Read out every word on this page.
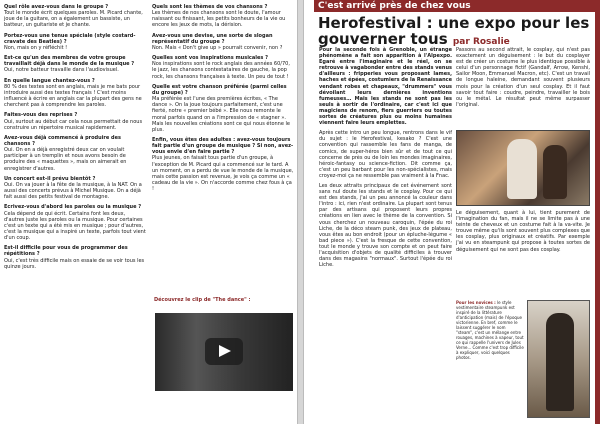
Quel rôle avez-vous dans le groupe ?
Tout le monde écrit quelques paroles. M. Picard chante, joue de la guitare, on a également un bassiste, un batteur, un guitariste et je chante.
Portez-vous une tenue spéciale (style costard-cravate des Beatles) ?
Non, mais on y réfléchit !
Est-ce qu'un des membres de votre groupe travaillait déjà dans le monde de la musique ?
Oui, notre batteur travaille dans l'audiovisuel.
En quelle langue chantez-vous ?
80 % des textes sont en anglais, mais je me bats pour introduire aussi des textes français ! C'est moins influencé à écrire en anglais car la plupart des gens ne cherchent pas à comprendre les paroles.
Faites-vous des reprises ?
Oui, surtout au début car cela nous permettait de nous construire un répertoire musical rapidement.
Avez-vous déjà commencé à produire des chansons ?
Oui. On en a déjà enregistré deux car on voulait participer à un tremplin et nous avons besoin de produire des « maquettes », mais on aimerait en enregistrer d'autres.
Un concert est-il prévu bientôt ?
Oui. On va jouer à la fête de la musique, à la NAT. On a aussi des concerts prévus à Michel Musique. On a déjà fait aussi des petits festival de montagne.
Ecrivez-vous d'abord les paroles ou la musique ?
Cela dépend de qui écrit. Certains font les deux, d'autres juste les paroles ou la musique. Pour certaines c'est un texte qui a été mis en musique ; pour d'autres, c'est la musique qui a inspiré un texte, parfois tout vient d'un coup.
Est-il difficile pour vous de programmer des répétitions ?
Oui, c'est très difficile mais on essaie de se voir tous les quinze jours.
Quels sont les thèmes de vos chansons ?
Les thèmes de nos chansons sont le doute, l'amour naissant ou finissant, les petits bonheurs de la vie ou encore les jeux de mots, la dérision.
Avez-vous une devise, une sorte de slogan représentatif du groupe ?
Non. Mais « Don't give up » pourrait convenir, non ?
Quelles sont vos inspirations musicales ?
Nos inspirations sont le rock anglais des années 60/70, le jazz, les chansons contestataires de gauche, la pop rock, les chansons françaises à texte. Un peu de tout !
Quelle est votre chanson préférée (parmi celles du groupe) ?
Ma préférée est l'une des premières écrites, « The dance ». On la joue toujours parfaitement, c'est une fierté, notre « premier bébé ». Elle nous remonte le moral parfois quand on a l'impression de « stagner ». Mais les nouvelles créations sont ce qui nous étonne le plus.
Enfin, vous êtes des adultes : avez-vous toujours fait partie d'un groupe de musique ? Si non, avez-vous envie d'en faire partie ?
Plus jeunes, on faisait tous partie d'un groupe, à l'exception de M. Picard qui a commencé sur le tard. A un moment, on a perdu de vue le monde de la musique, mais cette passion est revenue, je vois ça comme un « cadeau de la vie ». On n'accorde comme chez fous à ça !
Découvrez le clip de "The dance" :
C'est arrivé près de chez vous
Herofestival : une expo pour les gouverner tous par Rosalie

Pour la seconde fois à Grenoble, un étrange phénomène a fait son apparition à l'Alpexpo. Egaré entre l'imaginaire et le réel, on se retrouve à vagabonder entre des stands venus d'ailleurs : fripperies vous proposant lames, haches et épées, costumiers de la Renaissance vendant robes et chapeaux, "drummers" vous dévoilant leurs dernières inventions fumeuses… Mais les stands ne sont pas les seuls à sortir de l'ordinaire, car c'est ici que magiciens de renom, fiers guerriers ou toutes sortes de créatures plus ou moins humaines viennent faire leurs emplettes.

Après cette intro un peu longue, rentrons dans le vif du sujet : le Herofestival, kesako ? C'est une convention qui rassemble les fans de manga, de comics, de super-héros bien sûr et de tout ce qui concerne de près ou de loin les mondes imaginaires, héroic-fantasy ou science-fiction. Dit comme ça, c'est un peu barbant pour les non-spécialistes, mais croyez-moi ça ne ressemble pas vraiment à la Fnac.

Les deux attraits principaux de cet événement sont sans nul doute les stands et le cosplay. Pour ce qui est des stands, j'ai un peu annoncé la couleur dans l'intro : ici, rien n'est ordinaire. La plupart sont tenus par des artisans qui proposent leurs propres créations en lien avec le thème de la convention. Si vous cherchez un nouveau caroquin, l'épée du roi Liche, de la déco steam punk, des jeux de plateau, vous êtes au bon endroit (pour un épluche-légume « bad piece »). C'est la fresque de cette convention, tout le monde y trouve son compte et on peut faire l'acquisition d'objets de qualité difficiles à trouver dans des magasins "normaux". Surtout l'épée du roi Liche.

Passons au second attrait, le cosplay, qui n'est pas exactement un déguisement : le but du cosplayer est de créer un costume le plus identique possible à celui d'un personnage fictif (Gandalf, Arrow, Kenshi, Sailor Moon, Emmanuel Macron, etc). C'est un travail de longue haleine, demandant souvent plusieurs mois pour la création d'un seul cosplay. Et il faut savoir tout faire : coudre, peindre, travailler le bois ou le métal. Le résultat peut même surpasser l'original.

Le déguisement, quant à lui, tient purement de l'imagination du fan, mais il ne se limite pas à une teinte de cheveux et un costume fait à la va-vite. Je trouve même qu'ils sont souvent plus complexes que les cosplay, plus originaux et créatifs. Par exemple j'ai vu en steampunk qui propose à toutes sortes de déguisement qui ne sont pas des cosplay.

Pour les novices : le style vestimentaire steampunk est inspiré de la littérature d'anticipation (mais) de l'époque victorienne. En bref, comme le laissent suggérer le nom "steam", c'est un mélange entre rouages, machines à vapeur, tout ce qui rappelle l'univers de Jules Verne... Comme c'est trop difficile à expliquer, voici quelques photos.
